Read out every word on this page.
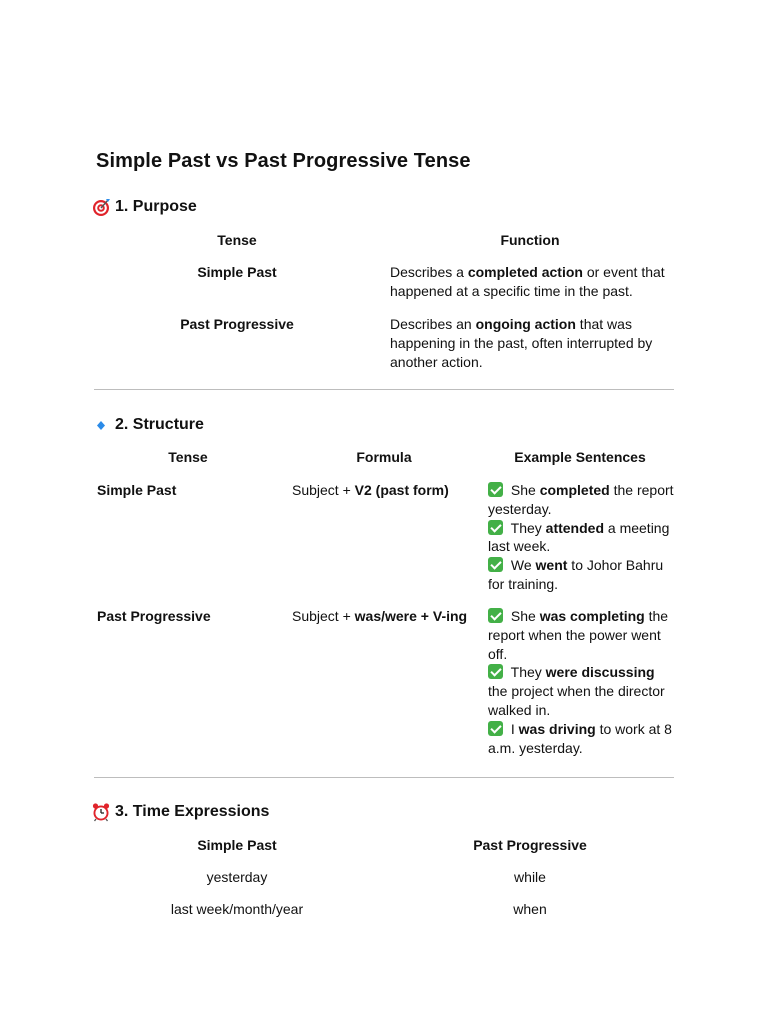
Simple Past vs Past Progressive Tense
1. Purpose
Tense	Function
Simple Past	Describes a completed action or event that happened at a specific time in the past.
Past Progressive	Describes an ongoing action that was happening in the past, often interrupted by another action.
2. Structure
Tense	Formula	Example Sentences
Simple Past	Subject + V2 (past form)	She completed the report yesterday.
They attended a meeting last week.
We went to Johor Bahru for training.
Past Progressive	Subject + was/were + V-ing	She was completing the report when the power went off.
They were discussing the project when the director walked in.
I was driving to work at 8 a.m. yesterday.
3. Time Expressions
Simple Past	Past Progressive
yesterday	while
last week/month/year	when
